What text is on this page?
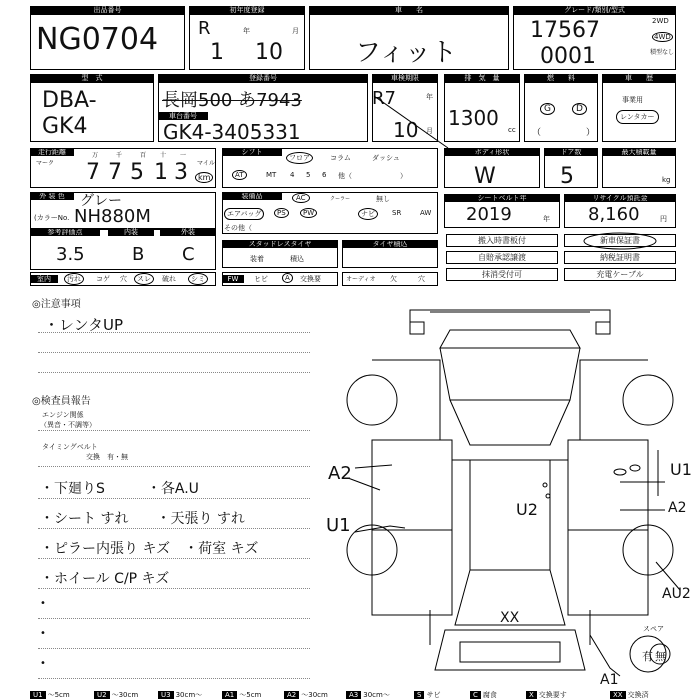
出品番号
NG0704
初年度登録
R
1
年
10
月
車　　名
フィット
グレード/類別/型式
17567
0001
2WD
4WD
積型なし
型　式
DBA-
GK4
登録番号
長岡500 あ7943
車台番号
GK4-3405331
車検期限
R7	年
10 月
排　気　量
1300 cc
燃　　料
G	D
（	）
車　　歴
事業用
レンタカー
走行距離
マーク
万	千	百 十 一
7 7 5 1 3 マイル
km
シフト
フロア	コラム	ダッシュ
AT	MT 4 5 6 他（	）
ボディ形状
W
ドア数
5
最大積載量
kg
外 装 色	グレー
(カラーNo. NH880M
装備品	AC	クーラー	無し
エアバッグ	PS	PW	ナビ	SR	AW
その他（
シートベルト年
2019	年
リサイクル預託金
8,160	円
参考評価点
3.5
内装
B
外装
C	スタッドレスタイヤ
装着	積込
タイヤ積込	搬入時書板付	新車保証書
自賠承認譲渡	納税証明書
抹消受付可	充電ケーブル
室内	汚れ	コゲ 穴	スレ	破れ	シミ	FW	ヒビ	A	交換要	オーディオ 欠	穴
◎注意事項
・レンタUP
◎検査員報告
エンジン関係
（異音・不調等）
タイミングベルト
交換　有・無
・下廻りS　　　・各A.U
・シート すれ　　・天張り すれ
・ピラー内張り キズ　・荷室 キズ
・ホイール C/P キズ
•
•
•
A2
U1
U2
U1
A2
AU2
A1
XX
スペア
有 無
U1 〜5cm	U2 〜30cm	U3 30cm〜	A1 〜5cm	A2 〜30cm	A3 30cm〜	S サビ	C 腐食	X 交換要す	XX 交換済
